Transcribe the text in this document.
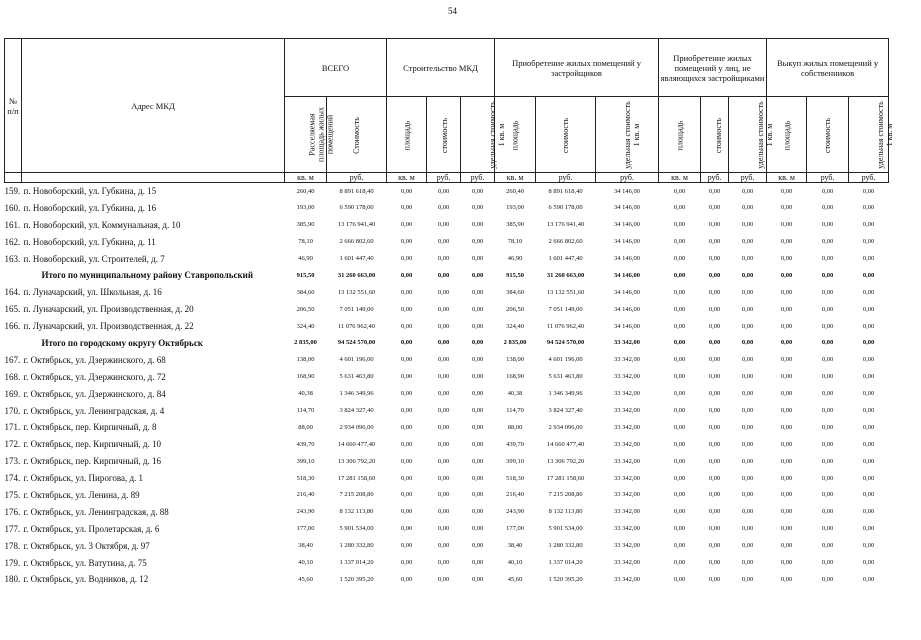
54
№ п/п	Адрес МКД	ВСЕГО		Строительство МКД			Приобретение жилых помещений у застройщиков			Приобретение жилых помещений у лиц, не являющихся застройщиками			Выкуп жилых помещений у собственников		
		Расселяемая площадь жилых помещений	Стоимость	площадь	стоимость	удельная стоимость 1 кв. м	площадь	стоимость	удельная стоимость 1 кв. м	площадь	стоимость	удельная стоимость 1 кв. м	площадь	стоимость	удельная стоимость 1 кв. м
		кв. м	руб.	кв. м	руб.	руб.	кв. м	руб.	руб.	кв. м	руб.	руб.	кв. м	руб.	руб.
159.	п. Новоборский, ул. Губкина, д. 15	260,40	8 891 618,40	0,00	0,00	0,00	260,40	8 891 618,40	34 146,00	0,00	0,00	0,00	0,00	0,00	0,00
160.	п. Новоборский, ул. Губкина, д. 16	193,00	6 590 178,00	0,00	0,00	0,00	193,00	6 590 178,00	34 146,00	0,00	0,00	0,00	0,00	0,00	0,00
161.	п. Новоборский, ул. Коммунальная, д. 10	385,90	13 176 941,40	0,00	0,00	0,00	385,90	13 176 941,40	34 146,00	0,00	0,00	0,00	0,00	0,00	0,00
162.	п. Новоборский, ул. Губкина, д. 11	78,10	2 666 802,60	0,00	0,00	0,00	78,10	2 666 802,60	34 146,00	0,00	0,00	0,00	0,00	0,00	0,00
163.	п. Новоборский, ул. Строителей, д. 7	46,90	1 601 447,40	0,00	0,00	0,00	46,90	1 601 447,40	34 146,00	0,00	0,00	0,00	0,00	0,00	0,00
	Итого по муниципальному району Ставропольский	915,50	31 260 663,00	0,00	0,00	0,00	915,50	31 260 663,00	34 146,00	0,00	0,00	0,00	0,00	0,00	0,00
164.	п. Луначарский, ул. Школьная, д. 16	384,60	13 132 551,60	0,00	0,00	0,00	384,60	13 132 551,60	34 146,00	0,00	0,00	0,00	0,00	0,00	0,00
165.	п. Луначарский, ул. Производственная, д. 20	206,50	7 051 149,00	0,00	0,00	0,00	206,50	7 051 149,00	34 146,00	0,00	0,00	0,00	0,00	0,00	0,00
166.	п. Луначарский, ул. Производственная, д. 22	324,40	11 076 962,40	0,00	0,00	0,00	324,40	11 076 962,40	34 146,00	0,00	0,00	0,00	0,00	0,00	0,00
	Итого по городскому округу Октябрьск	2 835,00	94 524 570,00	0,00	0,00	0,00	2 835,00	94 524 570,00	33 342,00	0,00	0,00	0,00	0,00	0,00	0,00
167.	г. Октябрьск, ул. Дзержинского, д. 68	138,00	4 601 196,00	0,00	0,00	0,00	138,00	4 601 196,00	33 342,00	0,00	0,00	0,00	0,00	0,00	0,00
168.	г. Октябрьск, ул. Дзержинского, д. 72	168,90	5 631 463,80	0,00	0,00	0,00	168,90	5 631 463,80	33 342,00	0,00	0,00	0,00	0,00	0,00	0,00
169.	г. Октябрьск, ул. Дзержинского, д. 84	40,38	1 346 349,96	0,00	0,00	0,00	40,38	1 346 349,96	33 342,00	0,00	0,00	0,00	0,00	0,00	0,00
170.	г. Октябрьск, ул. Ленинградская, д. 4	114,70	3 824 327,40	0,00	0,00	0,00	114,70	3 824 327,40	33 342,00	0,00	0,00	0,00	0,00	0,00	0,00
171.	г. Октябрьск, пер. Кирпичный, д. 8	88,00	2 934 096,00	0,00	0,00	0,00	88,00	2 934 096,00	33 342,00	0,00	0,00	0,00	0,00	0,00	0,00
172.	г. Октябрьск, пер. Кирпичный, д. 10	439,70	14 660 477,40	0,00	0,00	0,00	439,70	14 660 477,40	33 342,00	0,00	0,00	0,00	0,00	0,00	0,00
173.	г. Октябрьск, пер. Кирпичный, д. 16	399,10	13 306 792,20	0,00	0,00	0,00	399,10	13 306 792,20	33 342,00	0,00	0,00	0,00	0,00	0,00	0,00
174.	г. Октябрьск, ул. Пирогова, д. 1	518,30	17 281 158,60	0,00	0,00	0,00	518,30	17 281 158,60	33 342,00	0,00	0,00	0,00	0,00	0,00	0,00
175.	г. Октябрьск, ул. Ленина, д. 89	216,40	7 215 208,80	0,00	0,00	0,00	216,40	7 215 208,80	33 342,00	0,00	0,00	0,00	0,00	0,00	0,00
176.	г. Октябрьск, ул. Ленинградская, д. 88	243,90	8 132 113,80	0,00	0,00	0,00	243,90	8 132 113,80	33 342,00	0,00	0,00	0,00	0,00	0,00	0,00
177.	г. Октябрьск, ул. Пролетарская, д. 6	177,00	5 901 534,00	0,00	0,00	0,00	177,00	5 901 534,00	33 342,00	0,00	0,00	0,00	0,00	0,00	0,00
178.	г. Октябрьск, ул. 3 Октября, д. 97	38,40	1 280 332,80	0,00	0,00	0,00	38,40	1 280 332,80	33 342,00	0,00	0,00	0,00	0,00	0,00	0,00
179.	г. Октябрьск, ул. Ватутина, д. 75	40,10	1 337 014,20	0,00	0,00	0,00	40,10	1 337 014,20	33 342,00	0,00	0,00	0,00	0,00	0,00	0,00
180.	г. Октябрьск, ул. Водников, д. 12	45,60	1 520 395,20	0,00	0,00	0,00	45,60	1 520 395,20	33 342,00	0,00	0,00	0,00	0,00	0,00	0,00
